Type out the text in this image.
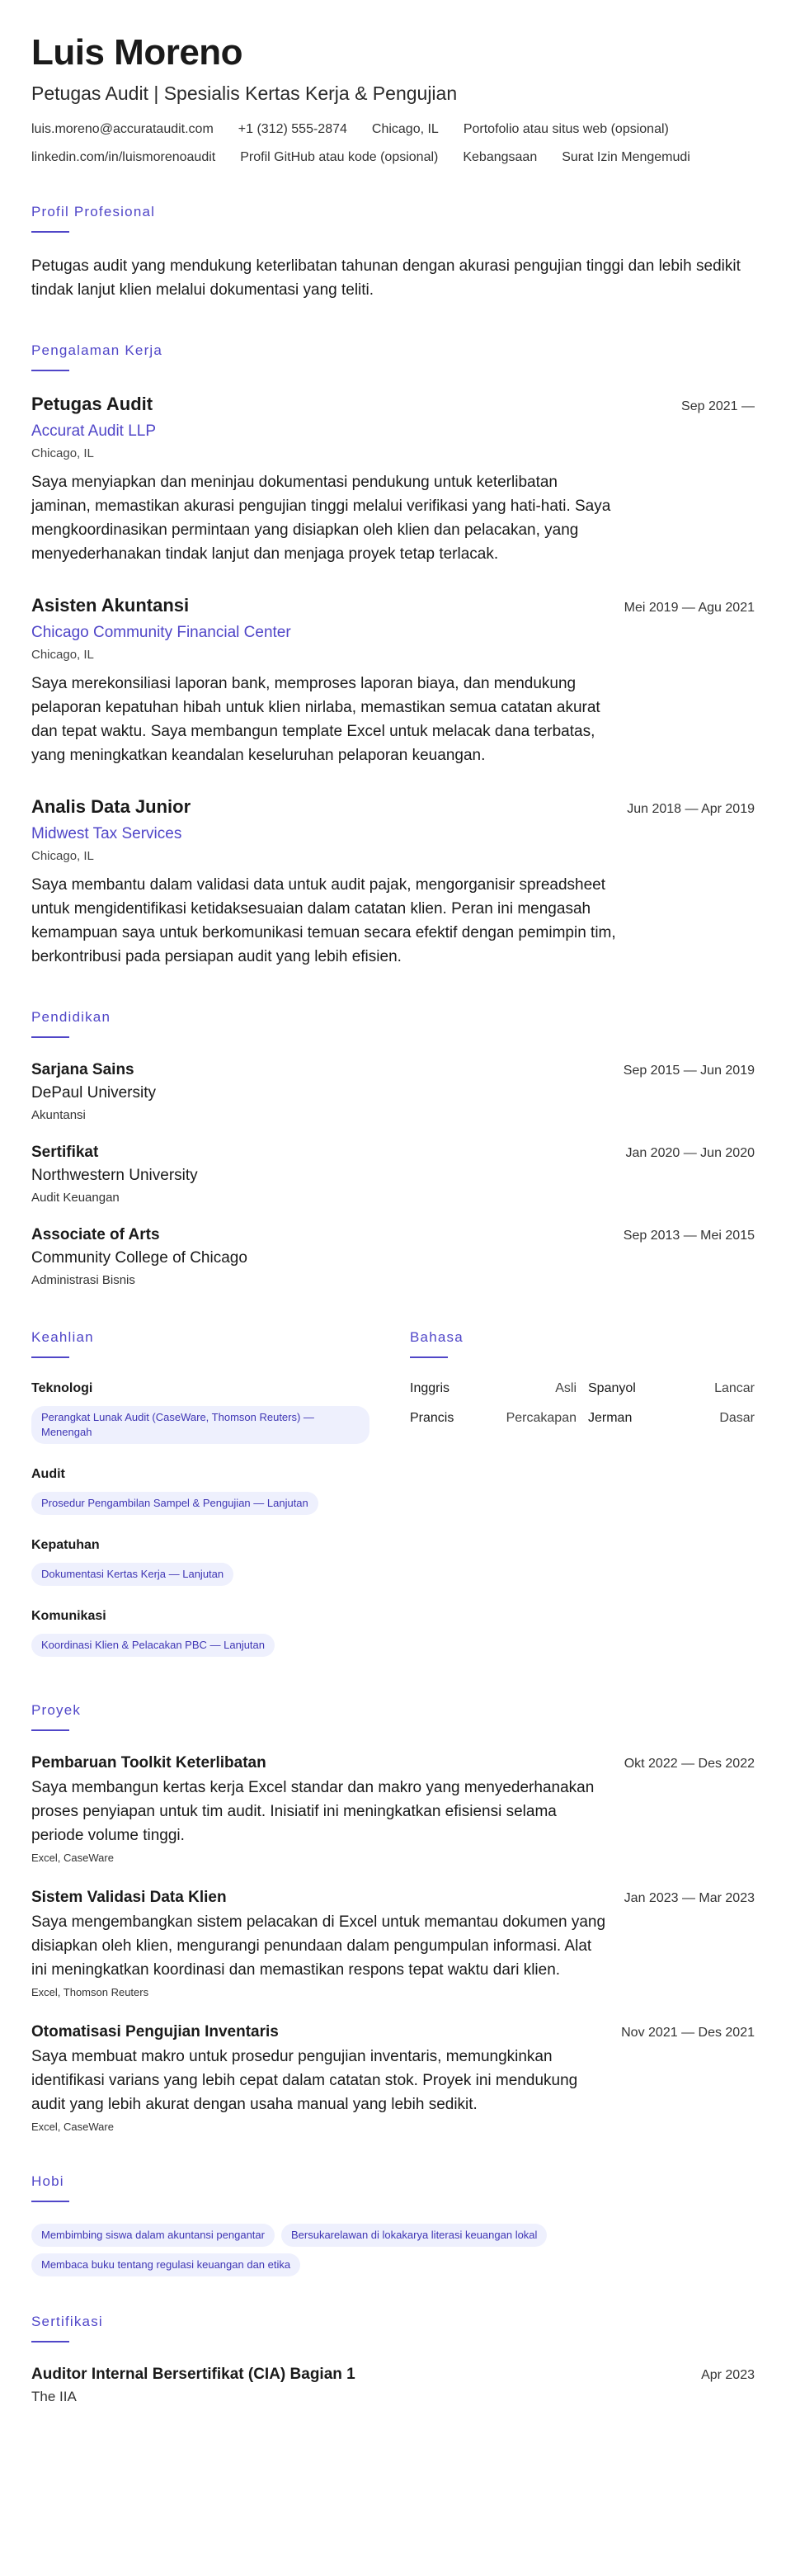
Luis Moreno
Petugas Audit | Spesialis Kertas Kerja & Pengujian
luis.moreno@accurataudit.com +1 (312) 555-2874 Chicago, IL Portofolio atau situs web (opsional)
linkedin.com/in/luismorenoaudit Profil GitHub atau kode (opsional) Kebangsaan Surat Izin Mengemudi
Profil Profesional

Petugas audit yang mendukung keterlibatan tahunan dengan akurasi pengujian tinggi dan lebih sedikit tindak lanjut klien melalui dokumentasi yang teliti.

Pengalaman Kerja
Petugas Audit	Sep 2021 —
Accurat Audit LLP
Chicago, IL

Saya menyiapkan dan meninjau dokumentasi pendukung untuk keterlibatan jaminan, memastikan akurasi pengujian tinggi melalui verifikasi yang hati-hati. Saya mengkoordinasikan permintaan yang disiapkan oleh klien dan pelacakan, yang menyederhanakan tindak lanjut dan menjaga proyek tetap terlacak.

Asisten Akuntansi	Mei 2019 — Agu 2021
Chicago Community Financial Center
Chicago, IL

Saya merekonsiliasi laporan bank, memproses laporan biaya, dan mendukung pelaporan kepatuhan hibah untuk klien nirlaba, memastikan semua catatan akurat dan tepat waktu. Saya membangun template Excel untuk melacak dana terbatas, yang meningkatkan keandalan keseluruhan pelaporan keuangan.

Analis Data Junior	Jun 2018 — Apr 2019
Midwest Tax Services
Chicago, IL

Saya membantu dalam validasi data untuk audit pajak, mengorganisir spreadsheet untuk mengidentifikasi ketidaksesuaian dalam catatan klien. Peran ini mengasah kemampuan saya untuk berkomunikasi temuan secara efektif dengan pemimpin tim, berkontribusi pada persiapan audit yang lebih efisien.

Pendidikan
Sarjana Sains	Sep 2015 — Jun 2019
DePaul University
Akuntansi
Sertifikat	Jan 2020 — Jun 2020
Northwestern University
Audit Keuangan
Associate of Arts	Sep 2013 — Mei 2015
Community College of Chicago
Administrasi Bisnis
Keahlian
Teknologi
Perangkat Lunak Audit (CaseWare, Thomson Reuters) — Menengah
Audit
Prosedur Pengambilan Sampel & Pengujian — Lanjutan
Kepatuhan
Dokumentasi Kertas Kerja — Lanjutan
Komunikasi
Koordinasi Klien & Pelacakan PBC — Lanjutan
Bahasa
Inggris	Asli Spanyol	Lancar
Prancis	Percakapan Jerman	Dasar
Proyek
Pembaruan Toolkit Keterlibatan	Okt 2022 — Des 2022

Saya membangun kertas kerja Excel standar dan makro yang menyederhanakan proses penyiapan untuk tim audit. Inisiatif ini meningkatkan efisiensi selama periode volume tinggi.

Excel, CaseWare
Sistem Validasi Data Klien	Jan 2023 — Mar 2023

Saya mengembangkan sistem pelacakan di Excel untuk memantau dokumen yang disiapkan oleh klien, mengurangi penundaan dalam pengumpulan informasi. Alat ini meningkatkan koordinasi dan memastikan respons tepat waktu dari klien.

Excel, Thomson Reuters
Otomatisasi Pengujian Inventaris	Nov 2021 — Des 2021

Saya membuat makro untuk prosedur pengujian inventaris, memungkinkan identifikasi varians yang lebih cepat dalam catatan stok. Proyek ini mendukung audit yang lebih akurat dengan usaha manual yang lebih sedikit.

Excel, CaseWare
Hobi
Membimbing siswa dalam akuntansi pengantar Bersukarelawan di lokakarya literasi keuangan lokalMembaca buku tentang regulasi keuangan dan etika
Sertifikasi
Auditor Internal Bersertifikat (CIA) Bagian 1	Apr 2023
The IIA
